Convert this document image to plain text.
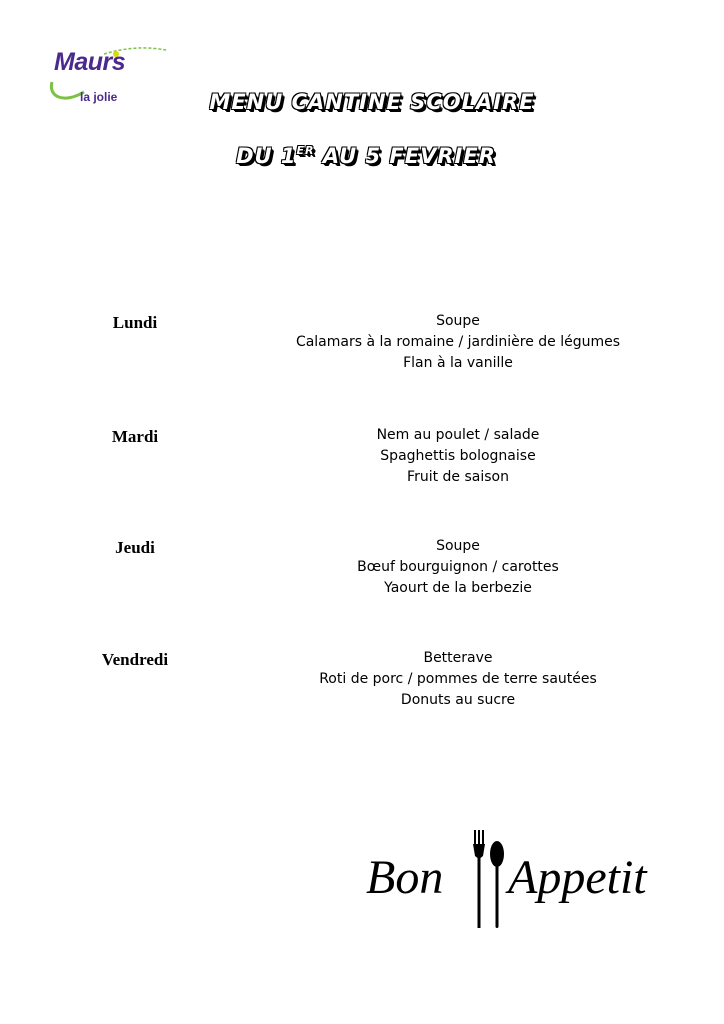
Maurs
la jolie	MENU CANTINE SCOLAIRE
DU 1ER AU 5 FEVRIER
Lundi	Soupe
Calamars à la romaine / jardinière de légumes
Flan à la vanille
Mardi	Nem au poulet / salade
Spaghettis bolognaise
Fruit de saison
Jeudi	Soupe
Bœuf bourguignon / carottes
Yaourt de la berbezie
Vendredi	Betterave
Roti de porc / pommes de terre sautées
Donuts au sucre
Bon Appetit
